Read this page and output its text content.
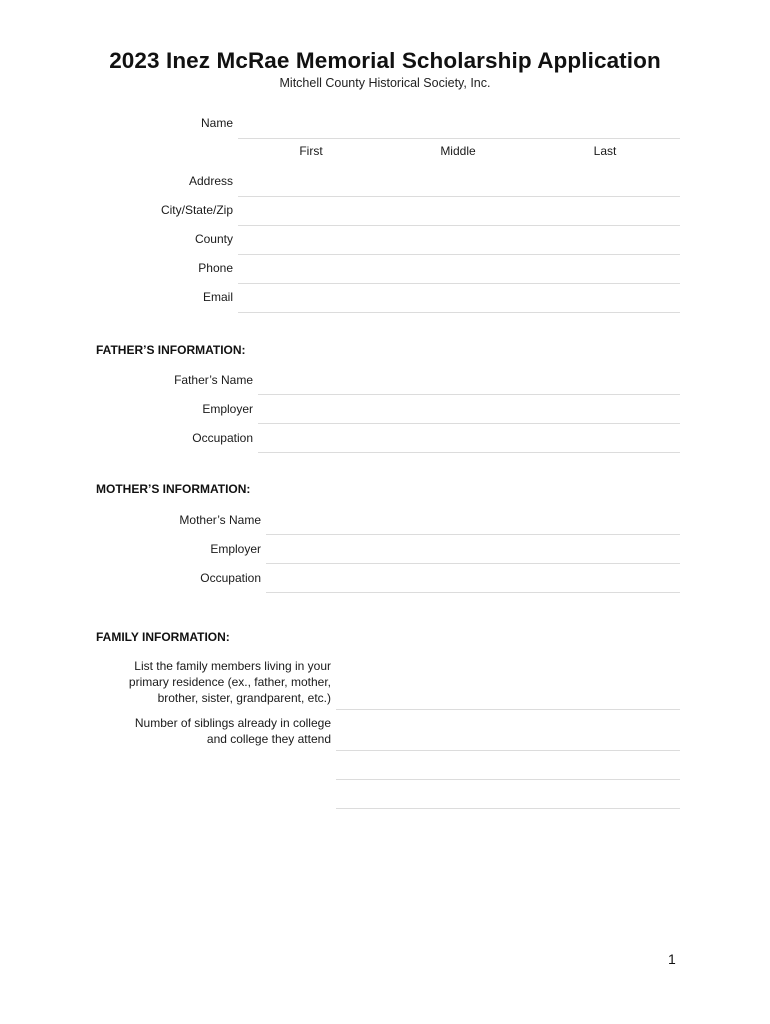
2023 Inez McRae Memorial Scholarship Application
Mitchell County Historical Society, Inc.
Name
First	Middle	Last
Address
City/State/Zip
County
Phone
Email
FATHER’S INFORMATION:
Father’s Name
Employer
Occupation
MOTHER’S INFORMATION:
Mother’s Name
Employer
Occupation
FAMILY INFORMATION:
List the family members living in your primary residence (ex., father, mother, brother, sister, grandparent, etc.)
Number of siblings already in college and college they attend
1
